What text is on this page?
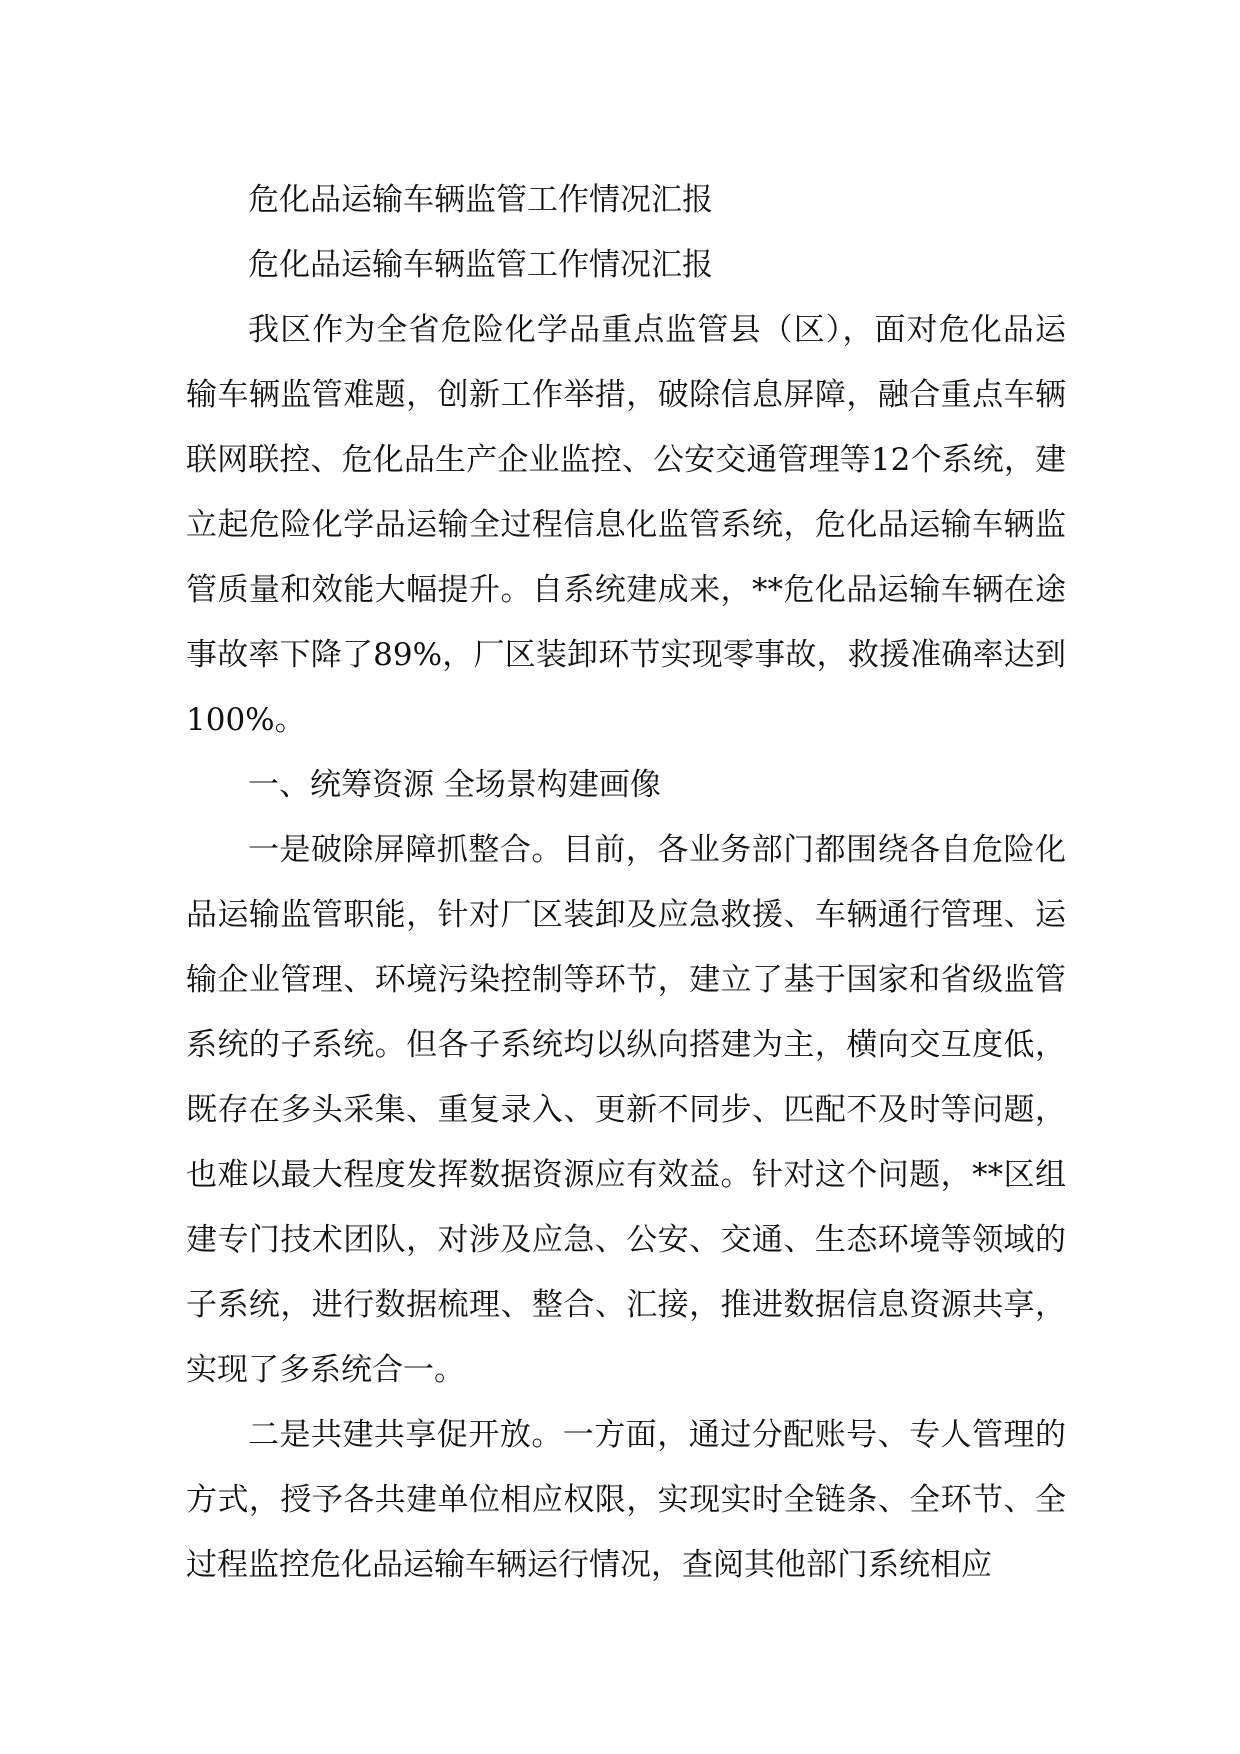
危化品运输车辆监管工作情况汇报

危化品运输车辆监管工作情况汇报

我区作为全省危险化学品重点监管县（区），面对危化品运输车辆监管难题，创新工作举措，破除信息屏障，融合重点车辆联网联控、危化品生产企业监控、公安交通管理等12个系统，建立起危险化学品运输全过程信息化监管系统，危化品运输车辆监管质量和效能大幅提升。自系统建成来，**危化品运输车辆在途事故率下降了89%，厂区装卸环节实现零事故，救援准确率达到100%。

一、统筹资源 全场景构建画像

一是破除屏障抓整合。目前，各业务部门都围绕各自危险化品运输监管职能，针对厂区装卸及应急救援、车辆通行管理、运输企业管理、环境污染控制等环节，建立了基于国家和省级监管系统的子系统。但各子系统均以纵向搭建为主，横向交互度低，既存在多头采集、重复录入、更新不同步、匹配不及时等问题，也难以最大程度发挥数据资源应有效益。针对这个问题，**区组建专门技术团队，对涉及应急、公安、交通、生态环境等领域的子系统，进行数据梳理、整合、汇接，推进数据信息资源共享，实现了多系统合一。

二是共建共享促开放。一方面，通过分配账号、专人管理的方式，授予各共建单位相应权限，实现实时全链条、全环节、全过程监控危化品运输车辆运行情况，查阅其他部门系统相应
